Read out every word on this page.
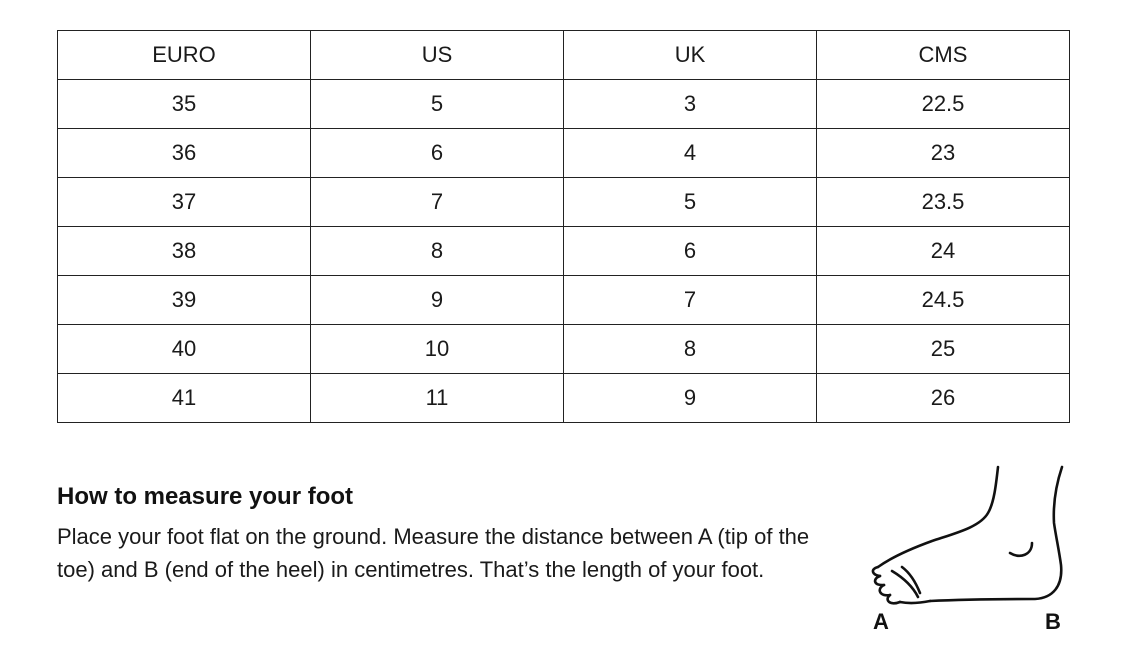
EURO	US	UK	CMS
35	5	3	22.5
36	6	4	23
37	7	5	23.5
38	8	6	24
39	9	7	24.5
40	10	8	25
41	11	9	26
How to measure your foot

Place your foot flat on the ground. Measure the distance between A (tip of the toe) and B (end of the heel) in centimetres. That’s the length of your foot.

A	B
